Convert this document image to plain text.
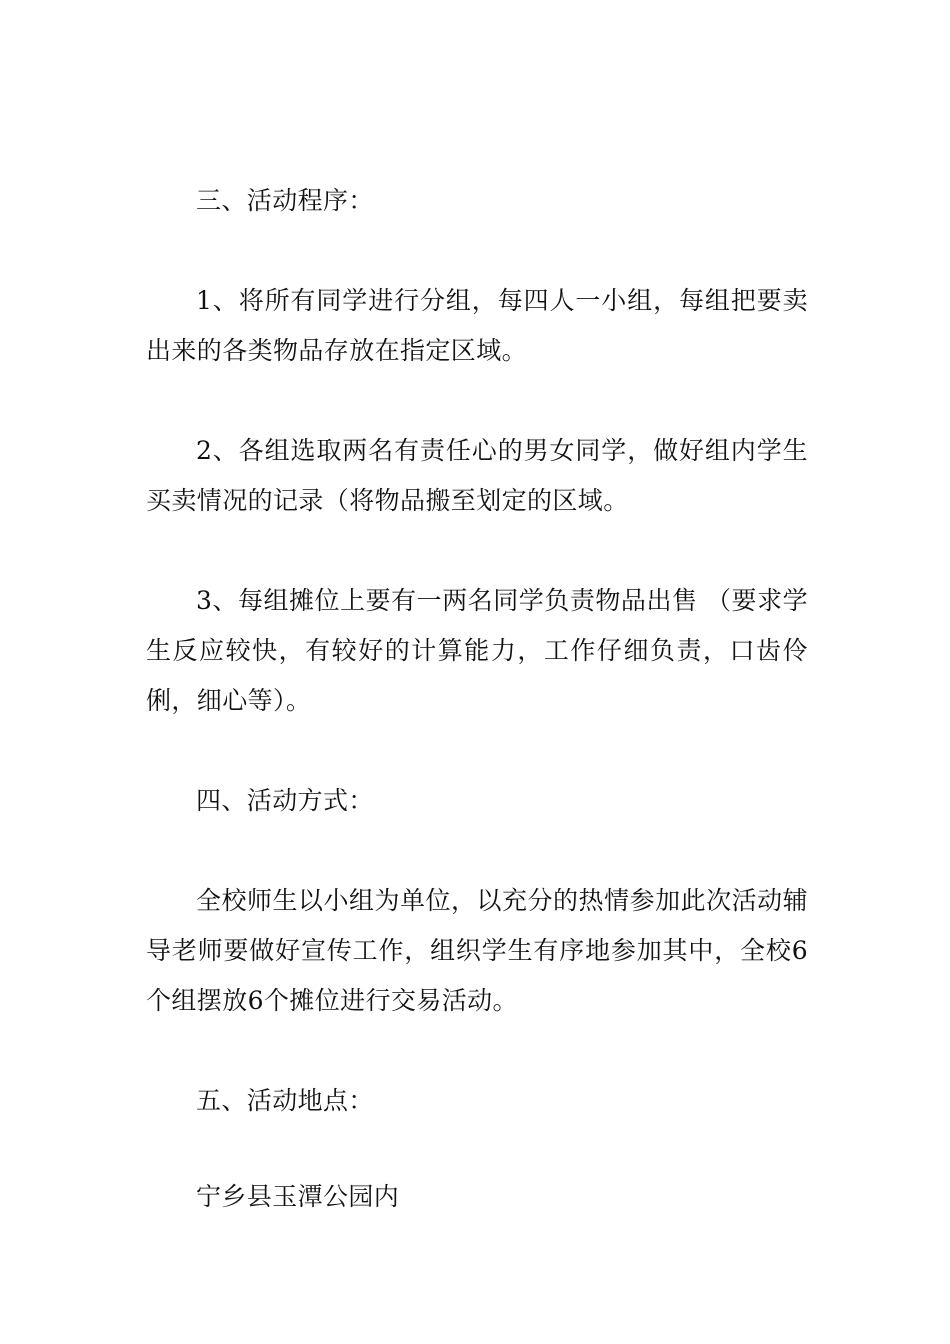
三、活动程序：

1、将所有同学进行分组，每四人一小组，每组把要卖出来的各类物品存放在指定区域。

2、各组选取两名有责任心的男女同学，做好组内学生买卖情况的记录（将物品搬至划定的区域。

3、每组摊位上要有一两名同学负责物品出售 （要求学生反应较快，有较好的计算能力，工作仔细负责，口齿伶俐，细心等）。

四、活动方式：

全校师生以小组为单位，以充分的热情参加此次活动辅导老师要做好宣传工作，组织学生有序地参加其中，全校6个组摆放6个摊位进行交易活动。

五、活动地点：

宁乡县玉潭公园内
